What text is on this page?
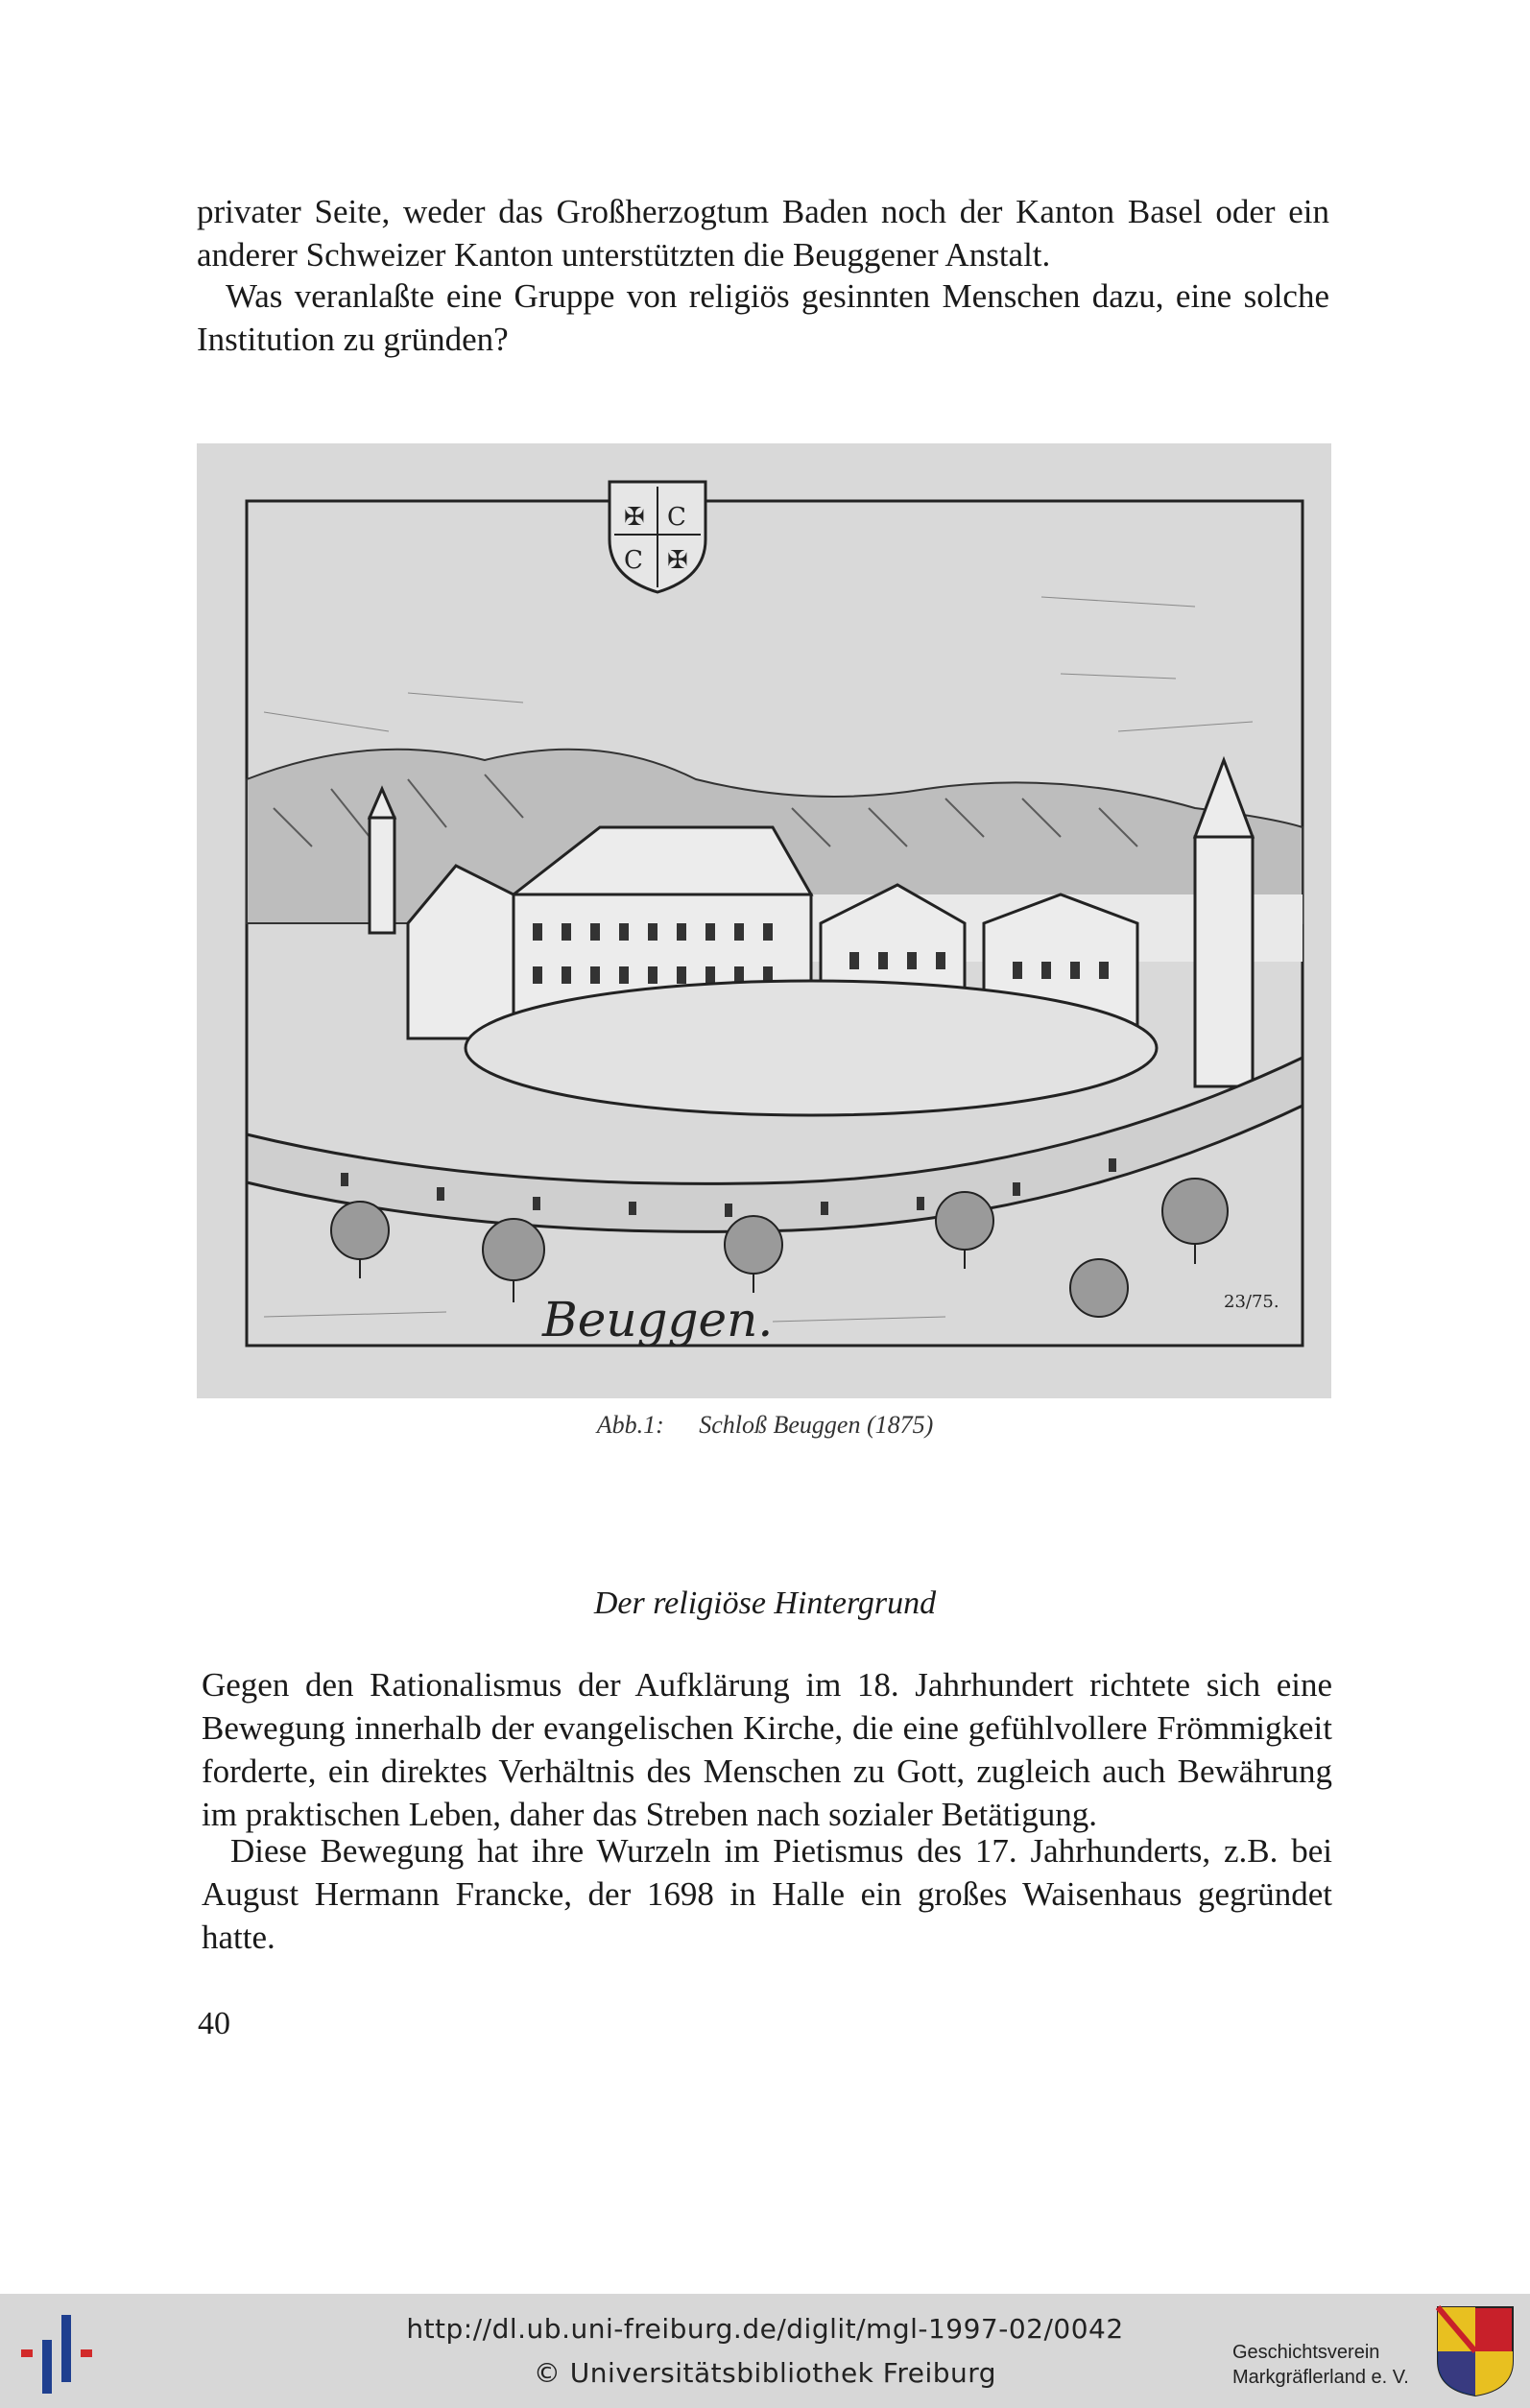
privater Seite, weder das Großherzogtum Baden noch der Kanton Basel oder ein anderer Schweizer Kanton unterstützten die Beuggener Anstalt.

Was veranlaßte eine Gruppe von religiös gesinnten Menschen dazu, eine solche Institution zu gründen?

✠ C
C ✠
Beuggen.	23/75.
Abb.1: Schloß Beuggen (1875)
Der religiöse Hintergrund

Gegen den Rationalismus der Aufklärung im 18. Jahrhundert richtete sich eine Bewegung innerhalb der evangelischen Kirche, die eine gefühlvollere Frömmigkeit forderte, ein direktes Verhältnis des Menschen zu Gott, zugleich auch Bewährung im praktischen Leben, daher das Streben nach sozialer Betätigung.

Diese Bewegung hat ihre Wurzeln im Pietismus des 17. Jahrhunderts, z.B. bei August Hermann Francke, der 1698 in Halle ein großes Waisenhaus gegründet hatte.

40
http://dl.ub.uni-freiburg.de/diglit/mgl-1997-02/0042
© Universitätsbibliothek Freiburg
Geschichtsverein
Markgräflerland e. V.
